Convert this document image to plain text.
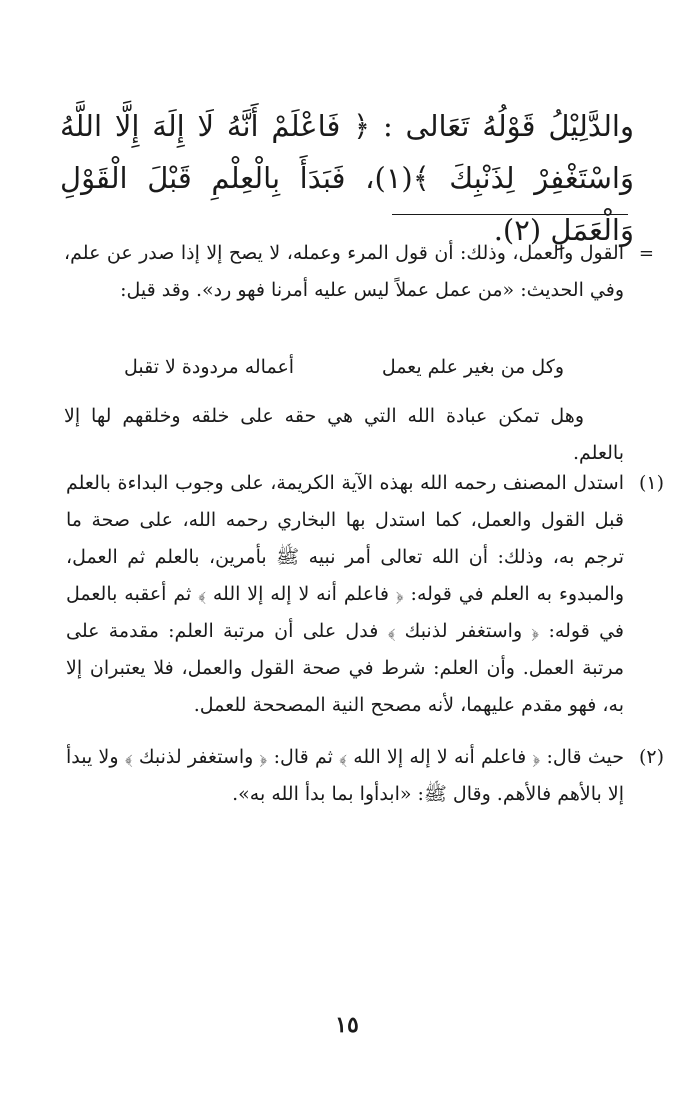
والدَّلِيْلُ قَوْلُهُ تَعَالى : ﴿ فَاعْلَمْ أَنَّهُ لَا إِلَهَ إِلَّا اللَّهُ وَاسْتَغْفِرْ لِذَنْبِكَ ﴾(١)، فَبَدَأَ بِالْعِلْمِ قَبْلَ الْقَوْلِ وَالْعَمَلِ (٢).
=
القول والعمل، وذلك: أن قول المرء وعمله، لا يصح إلا إذا صدر عن علم، وفي الحديث: «من عمل عملاً ليس عليه أمرنا فهو رد». وقد قيل:
وكل من بغير علم يعمل
أعماله مردودة لا تقبل
وهل تمكن عبادة الله التي هي حقه على خلقه وخلقهم لها إلا بالعلم.
(١)
استدل المصنف رحمه الله بهذه الآية الكريمة، على وجوب البداءة بالعلم قبل القول والعمل، كما استدل بها البخاري رحمه الله، على صحة ما ترجم به، وذلك: أن الله تعالى أمر نبيه ﷺ بأمرين، بالعلم ثم العمل، والمبدوء به العلم في قوله: ﴿ فاعلم أنه لا إله إلا الله ﴾ ثم أعقبه بالعمل في قوله: ﴿ واستغفر لذنبك ﴾ فدل على أن مرتبة العلم: مقدمة على مرتبة العمل. وأن العلم: شرط في صحة القول والعمل، فلا يعتبران إلا به، فهو مقدم عليهما، لأنه مصحح النية المصححة للعمل.
(٢)
حيث قال: ﴿ فاعلم أنه لا إله إلا الله ﴾ ثم قال: ﴿ واستغفر لذنبك ﴾ ولا يبدأ إلا بالأهم فالأهم. وقال ﷺ: «ابدأوا بما بدأ الله به».
١٥
